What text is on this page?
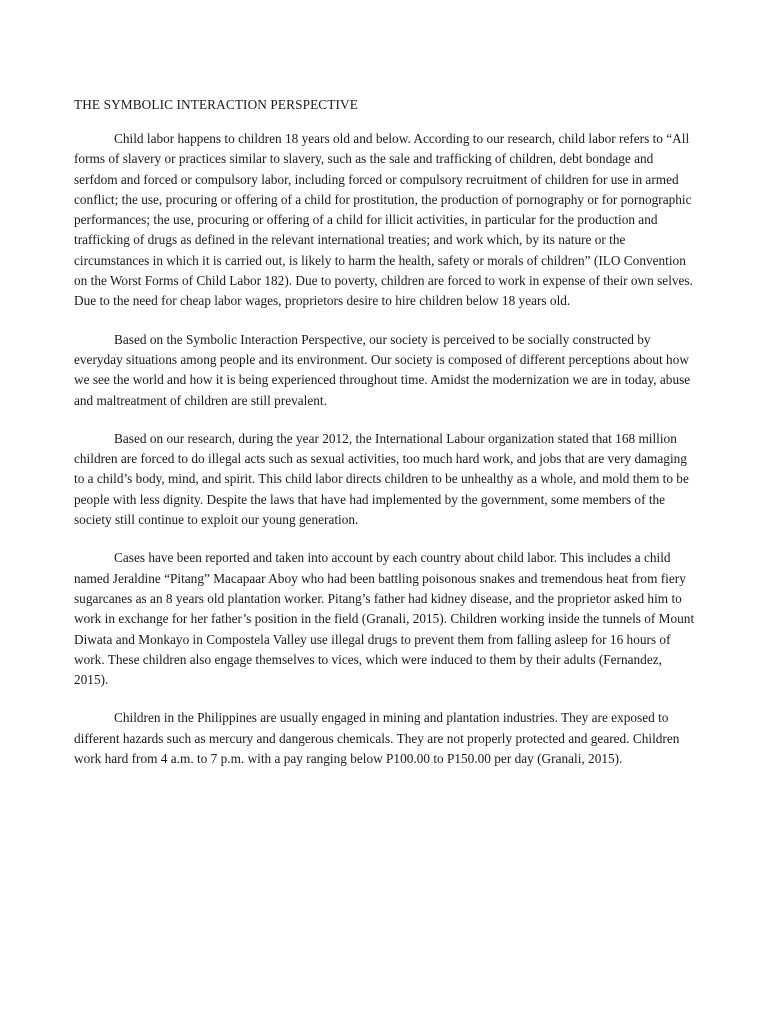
THE SYMBOLIC INTERACTION PERSPECTIVE

Child labor happens to children 18 years old and below. According to our research, child labor refers to “All forms of slavery or practices similar to slavery, such as the sale and trafficking of children, debt bondage and serfdom and forced or compulsory labor, including forced or compulsory recruitment of children for use in armed conflict; the use, procuring or offering of a child for prostitution, the production of pornography or for pornographic performances; the use, procuring or offering of a child for illicit activities, in particular for the production and trafficking of drugs as defined in the relevant international treaties; and work which, by its nature or the circumstances in which it is carried out, is likely to harm the health, safety or morals of children” (ILO Convention on the Worst Forms of Child Labor 182). Due to poverty, children are forced to work in expense of their own selves. Due to the need for cheap labor wages, proprietors desire to hire children below 18 years old.

Based on the Symbolic Interaction Perspective, our society is perceived to be socially constructed by everyday situations among people and its environment. Our society is composed of different perceptions about how we see the world and how it is being experienced throughout time. Amidst the modernization we are in today, abuse and maltreatment of children are still prevalent.

Based on our research, during the year 2012, the International Labour organization stated that 168 million children are forced to do illegal acts such as sexual activities, too much hard work, and jobs that are very damaging to a child’s body, mind, and spirit. This child labor directs children to be unhealthy as a whole, and mold them to be people with less dignity. Despite the laws that have had implemented by the government, some members of the society still continue to exploit our young generation.

Cases have been reported and taken into account by each country about child labor. This includes a child named Jeraldine “Pitang” Macapaar Aboy who had been battling poisonous snakes and tremendous heat from fiery sugarcanes as an 8 years old plantation worker. Pitang’s father had kidney disease, and the proprietor asked him to work in exchange for her father’s position in the field (Granali, 2015). Children working inside the tunnels of Mount Diwata and Monkayo in Compostela Valley use illegal drugs to prevent them from falling asleep for 16 hours of work. These children also engage themselves to vices, which were induced to them by their adults (Fernandez, 2015).

Children in the Philippines are usually engaged in mining and plantation industries. They are exposed to different hazards such as mercury and dangerous chemicals. They are not properly protected and geared. Children work hard from 4 a.m. to 7 p.m. with a pay ranging below P100.00 to P150.00 per day (Granali, 2015).
